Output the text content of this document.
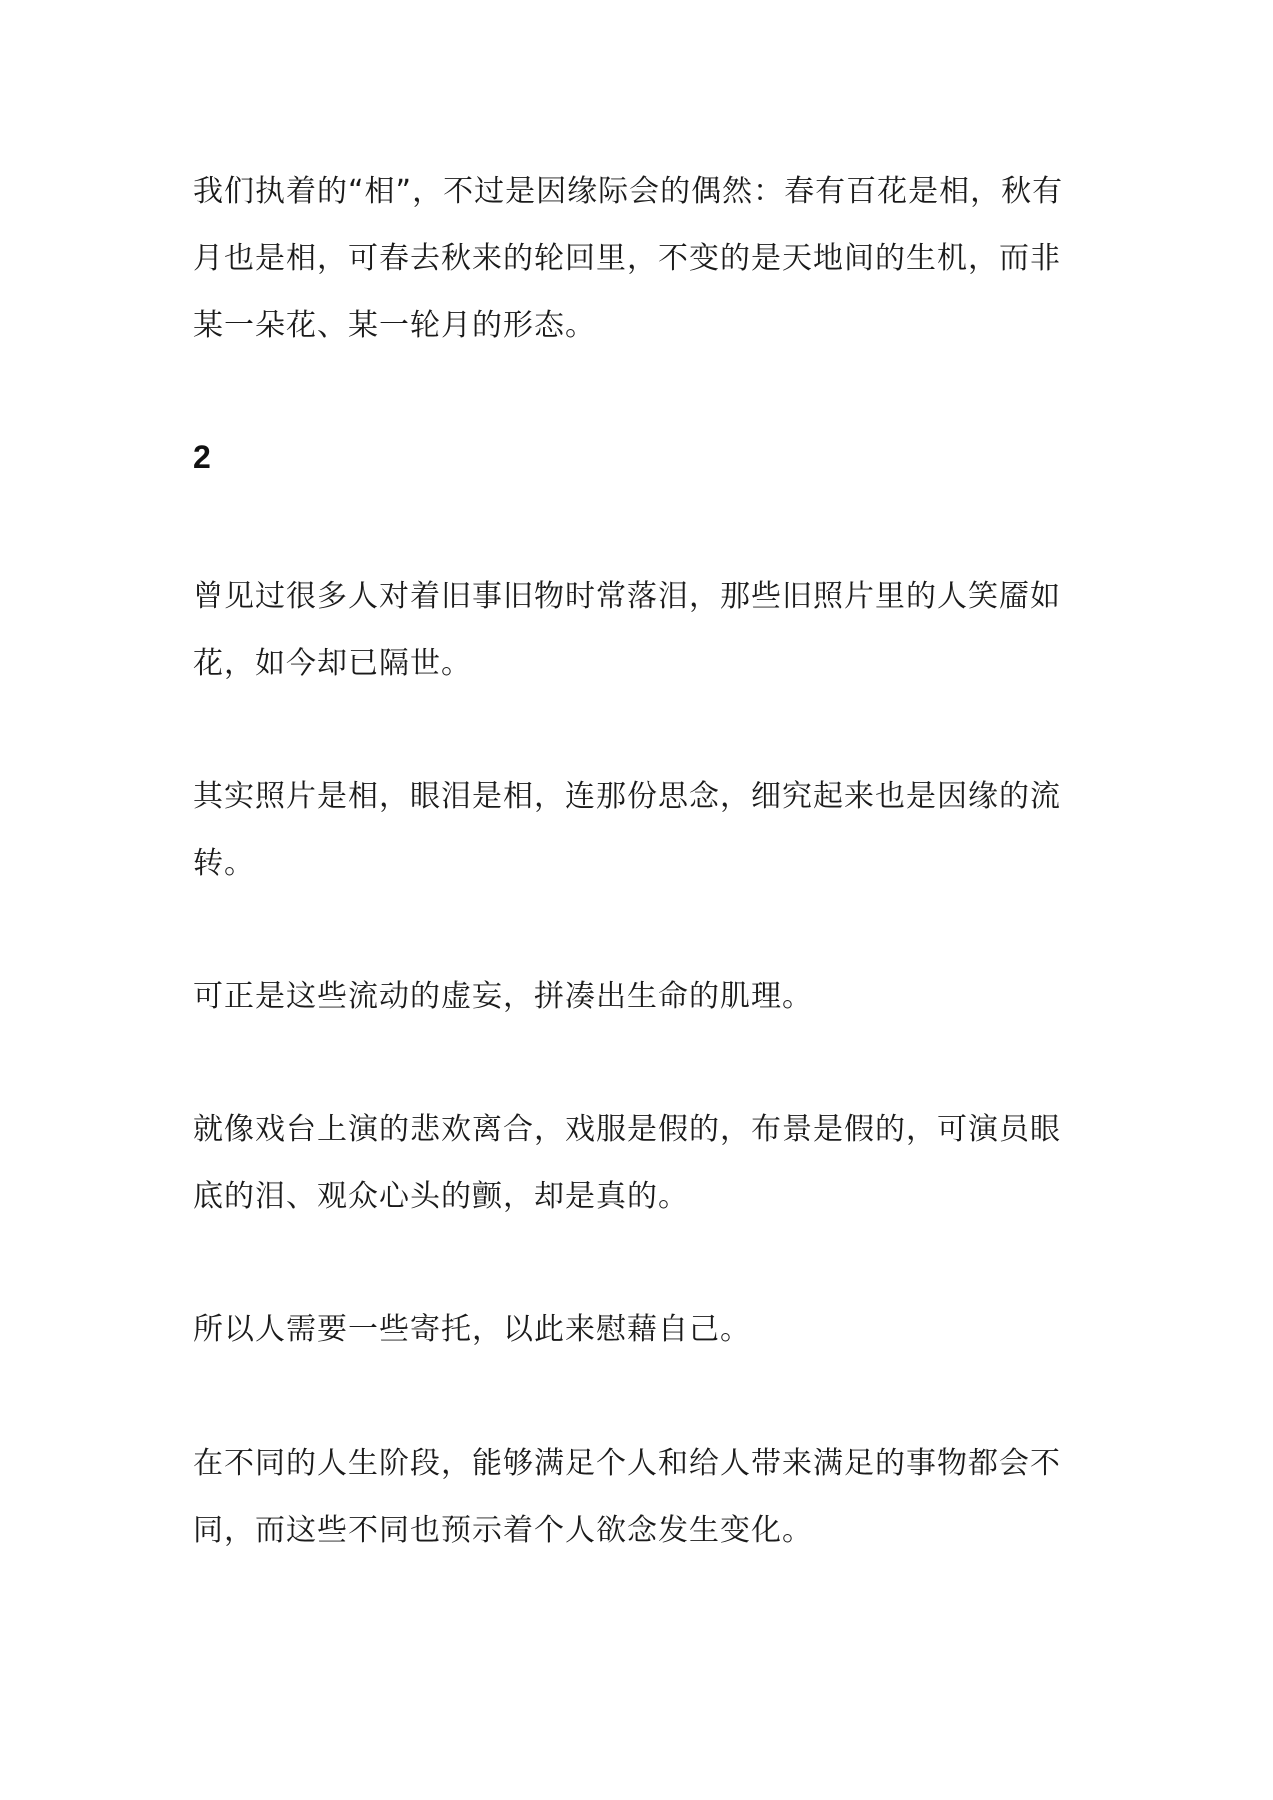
我们执着的“相”，不过是因缘际会的偶然：春有百花是相，秋有
月也是相，可春去秋来的轮回里，不变的是天地间的生机，而非
某一朵花、某一轮月的形态。

2

曾见过很多人对着旧事旧物时常落泪，那些旧照片里的人笑靥如
花，如今却已隔世。

其实照片是相，眼泪是相，连那份思念，细究起来也是因缘的流
转。

可正是这些流动的虚妄，拼凑出生命的肌理。

就像戏台上演的悲欢离合，戏服是假的，布景是假的，可演员眼
底的泪、观众心头的颤，却是真的。

所以人需要一些寄托，以此来慰藉自己。

在不同的人生阶段，能够满足个人和给人带来满足的事物都会不
同，而这些不同也预示着个人欲念发生变化。
